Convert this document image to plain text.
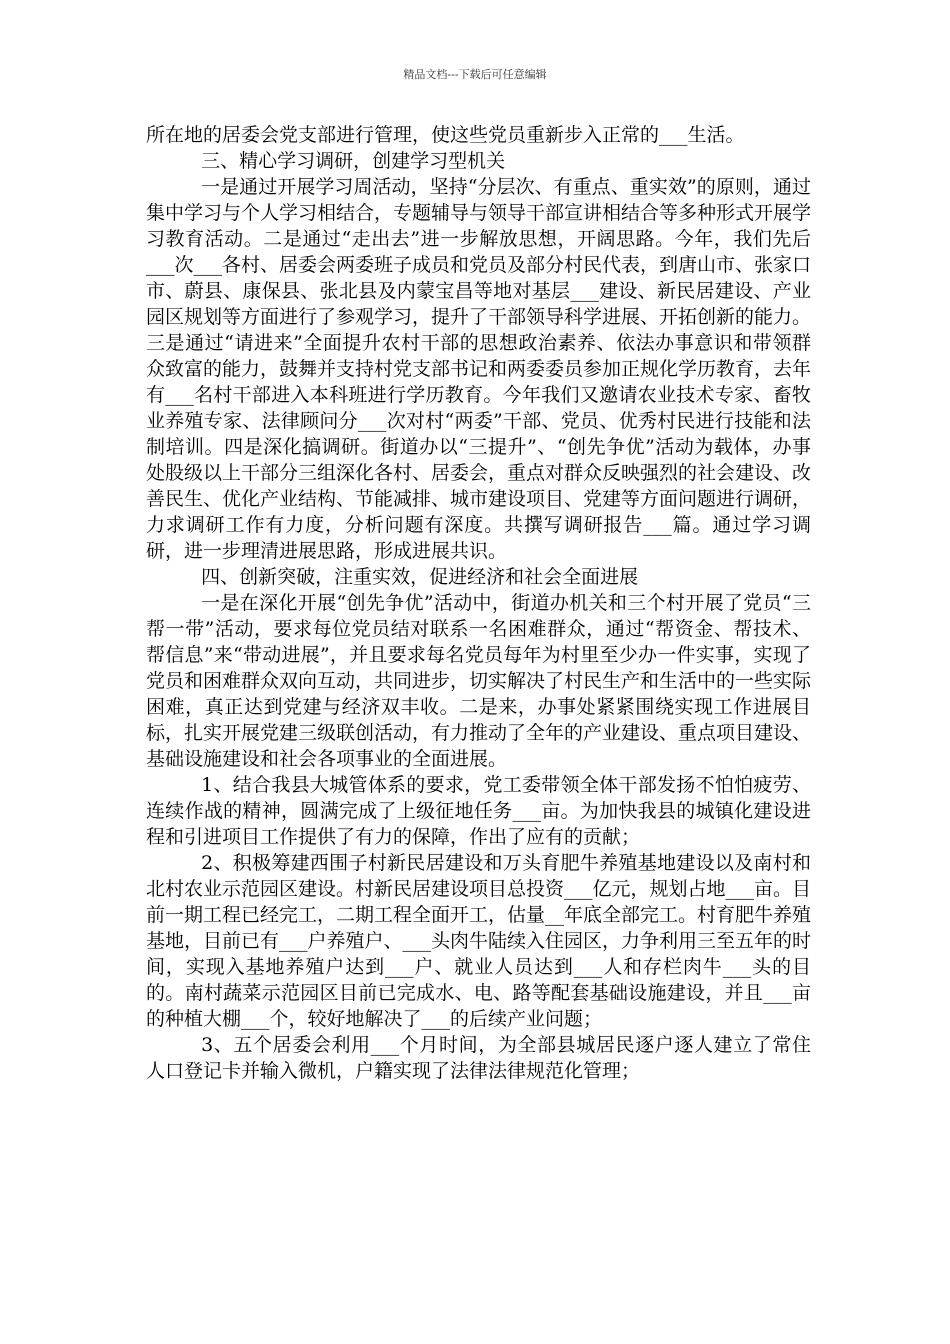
精品文档---下载后可任意编辑

所在地的居委会党支部进行管理，使这些党员重新步入正常的___生活。

三、精心学习调研，创建学习型机关

一是通过开展学习周活动，坚持“分层次、有重点、重实效”的原则，通过集中学习与个人学习相结合，专题辅导与领导干部宣讲相结合等多种形式开展学习教育活动。二是通过“走出去”进一步解放思想，开阔思路。今年，我们先后___次___各村、居委会两委班子成员和党员及部分村民代表，到唐山市、张家口市、蔚县、康保县、张北县及内蒙宝昌等地对基层___建设、新民居建设、产业园区规划等方面进行了参观学习，提升了干部领导科学进展、开拓创新的能力。三是通过“请进来”全面提升农村干部的思想政治素养、依法办事意识和带领群众致富的能力，鼓舞并支持村党支部书记和两委委员参加正规化学历教育，去年有___名村干部进入本科班进行学历教育。今年我们又邀请农业技术专家、畜牧业养殖专家、法律顾问分___次对村“两委”干部、党员、优秀村民进行技能和法制培训。四是深化搞调研。街道办以“三提升”、“创先争优”活动为载体，办事处股级以上干部分三组深化各村、居委会，重点对群众反映强烈的社会建设、改善民生、优化产业结构、节能减排、城市建设项目、党建等方面问题进行调研，力求调研工作有力度，分析问题有深度。共撰写调研报告___篇。通过学习调研，进一步理清进展思路，形成进展共识。

四、创新突破，注重实效，促进经济和社会全面进展

一是在深化开展“创先争优”活动中，街道办机关和三个村开展了党员“三帮一带”活动，要求每位党员结对联系一名困难群众，通过“帮资金、帮技术、帮信息”来“带动进展”，并且要求每名党员每年为村里至少办一件实事，实现了党员和困难群众双向互动，共同进步，切实解决了村民生产和生活中的一些实际困难，真正达到党建与经济双丰收。二是来，办事处紧紧围绕实现工作进展目标，扎实开展党建三级联创活动，有力推动了全年的产业建设、重点项目建设、基础设施建设和社会各项事业的全面进展。

1、结合我县大城管体系的要求，党工委带领全体干部发扬不怕怕疲劳、连续作战的精神，圆满完成了上级征地任务___亩。为加快我县的城镇化建设进程和引进项目工作提供了有力的保障，作出了应有的贡献；

2、积极筹建西围子村新民居建设和万头育肥牛养殖基地建设以及南村和北村农业示范园区建设。村新民居建设项目总投资___亿元，规划占地___亩。目前一期工程已经完工，二期工程全面开工，估量__年底全部完工。村育肥牛养殖基地，目前已有___户养殖户、___头肉牛陆续入住园区，力争利用三至五年的时间，实现入基地养殖户达到___户、就业人员达到___人和存栏肉牛___头的目的。南村蔬菜示范园区目前已完成水、电、路等配套基础设施建设，并且___亩的种植大棚___个，较好地解决了___的后续产业问题；

3、五个居委会利用___个月时间，为全部县城居民逐户逐人建立了常住人口登记卡并输入微机，户籍实现了法律法律规范化管理；
